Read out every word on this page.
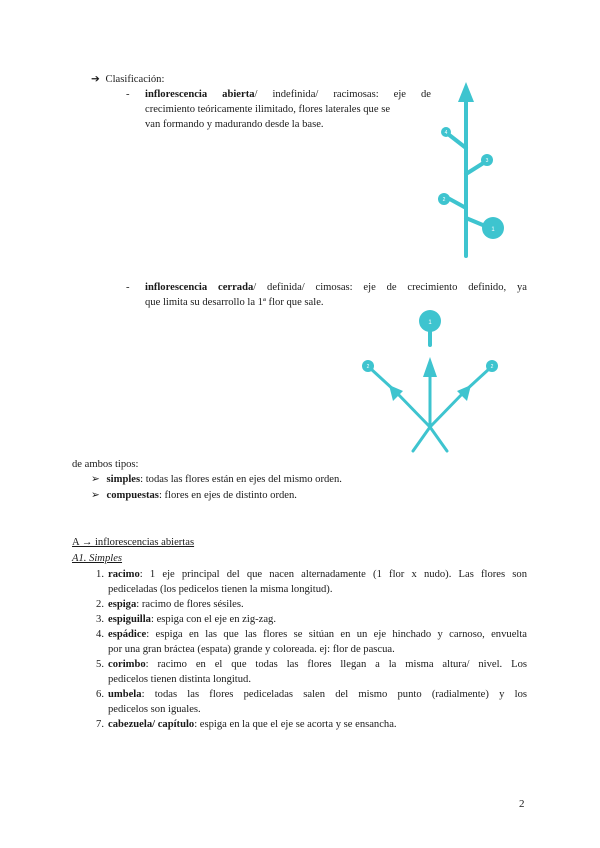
➔ Clasificación:
- inflorescencia abierta/ indefinida/ racimosas: eje de
crecimiento teóricamente ilimitado, flores laterales que se
van formando y madurando desde la base.
1
2
3
4
- inflorescencia cerrada/ definida/ cimosas: eje de crecimiento definido, ya
que limita su desarrollo la 1ª flor que sale.
1
2	2
de ambos tipos:
➢ simples: todas las flores están en ejes del mismo orden.
➢ compuestas: flores en ejes de distinto orden.
A → inflorescencias abiertas
A1. Simples
1. racimo: 1 eje principal del que nacen alternadamente (1 flor x nudo). Las flores son
pediceladas (los pedicelos tienen la misma longitud).
2. espiga: racimo de flores sésiles.
3. espiguilla: espiga con el eje en zig-zag.
4. espádice: espiga en las que las flores se sitúan en un eje hinchado y carnoso, envuelta
por una gran bráctea (espata) grande y coloreada. ej: flor de pascua.
5. corimbo: racimo en el que todas las flores llegan a la misma altura/ nivel. Los
pedicelos tienen distinta longitud.
6. umbela: todas las flores pediceladas salen del mismo punto (radialmente) y los
pedicelos son iguales.
7. cabezuela/ capítulo: espiga en la que el eje se acorta y se ensancha.
2
